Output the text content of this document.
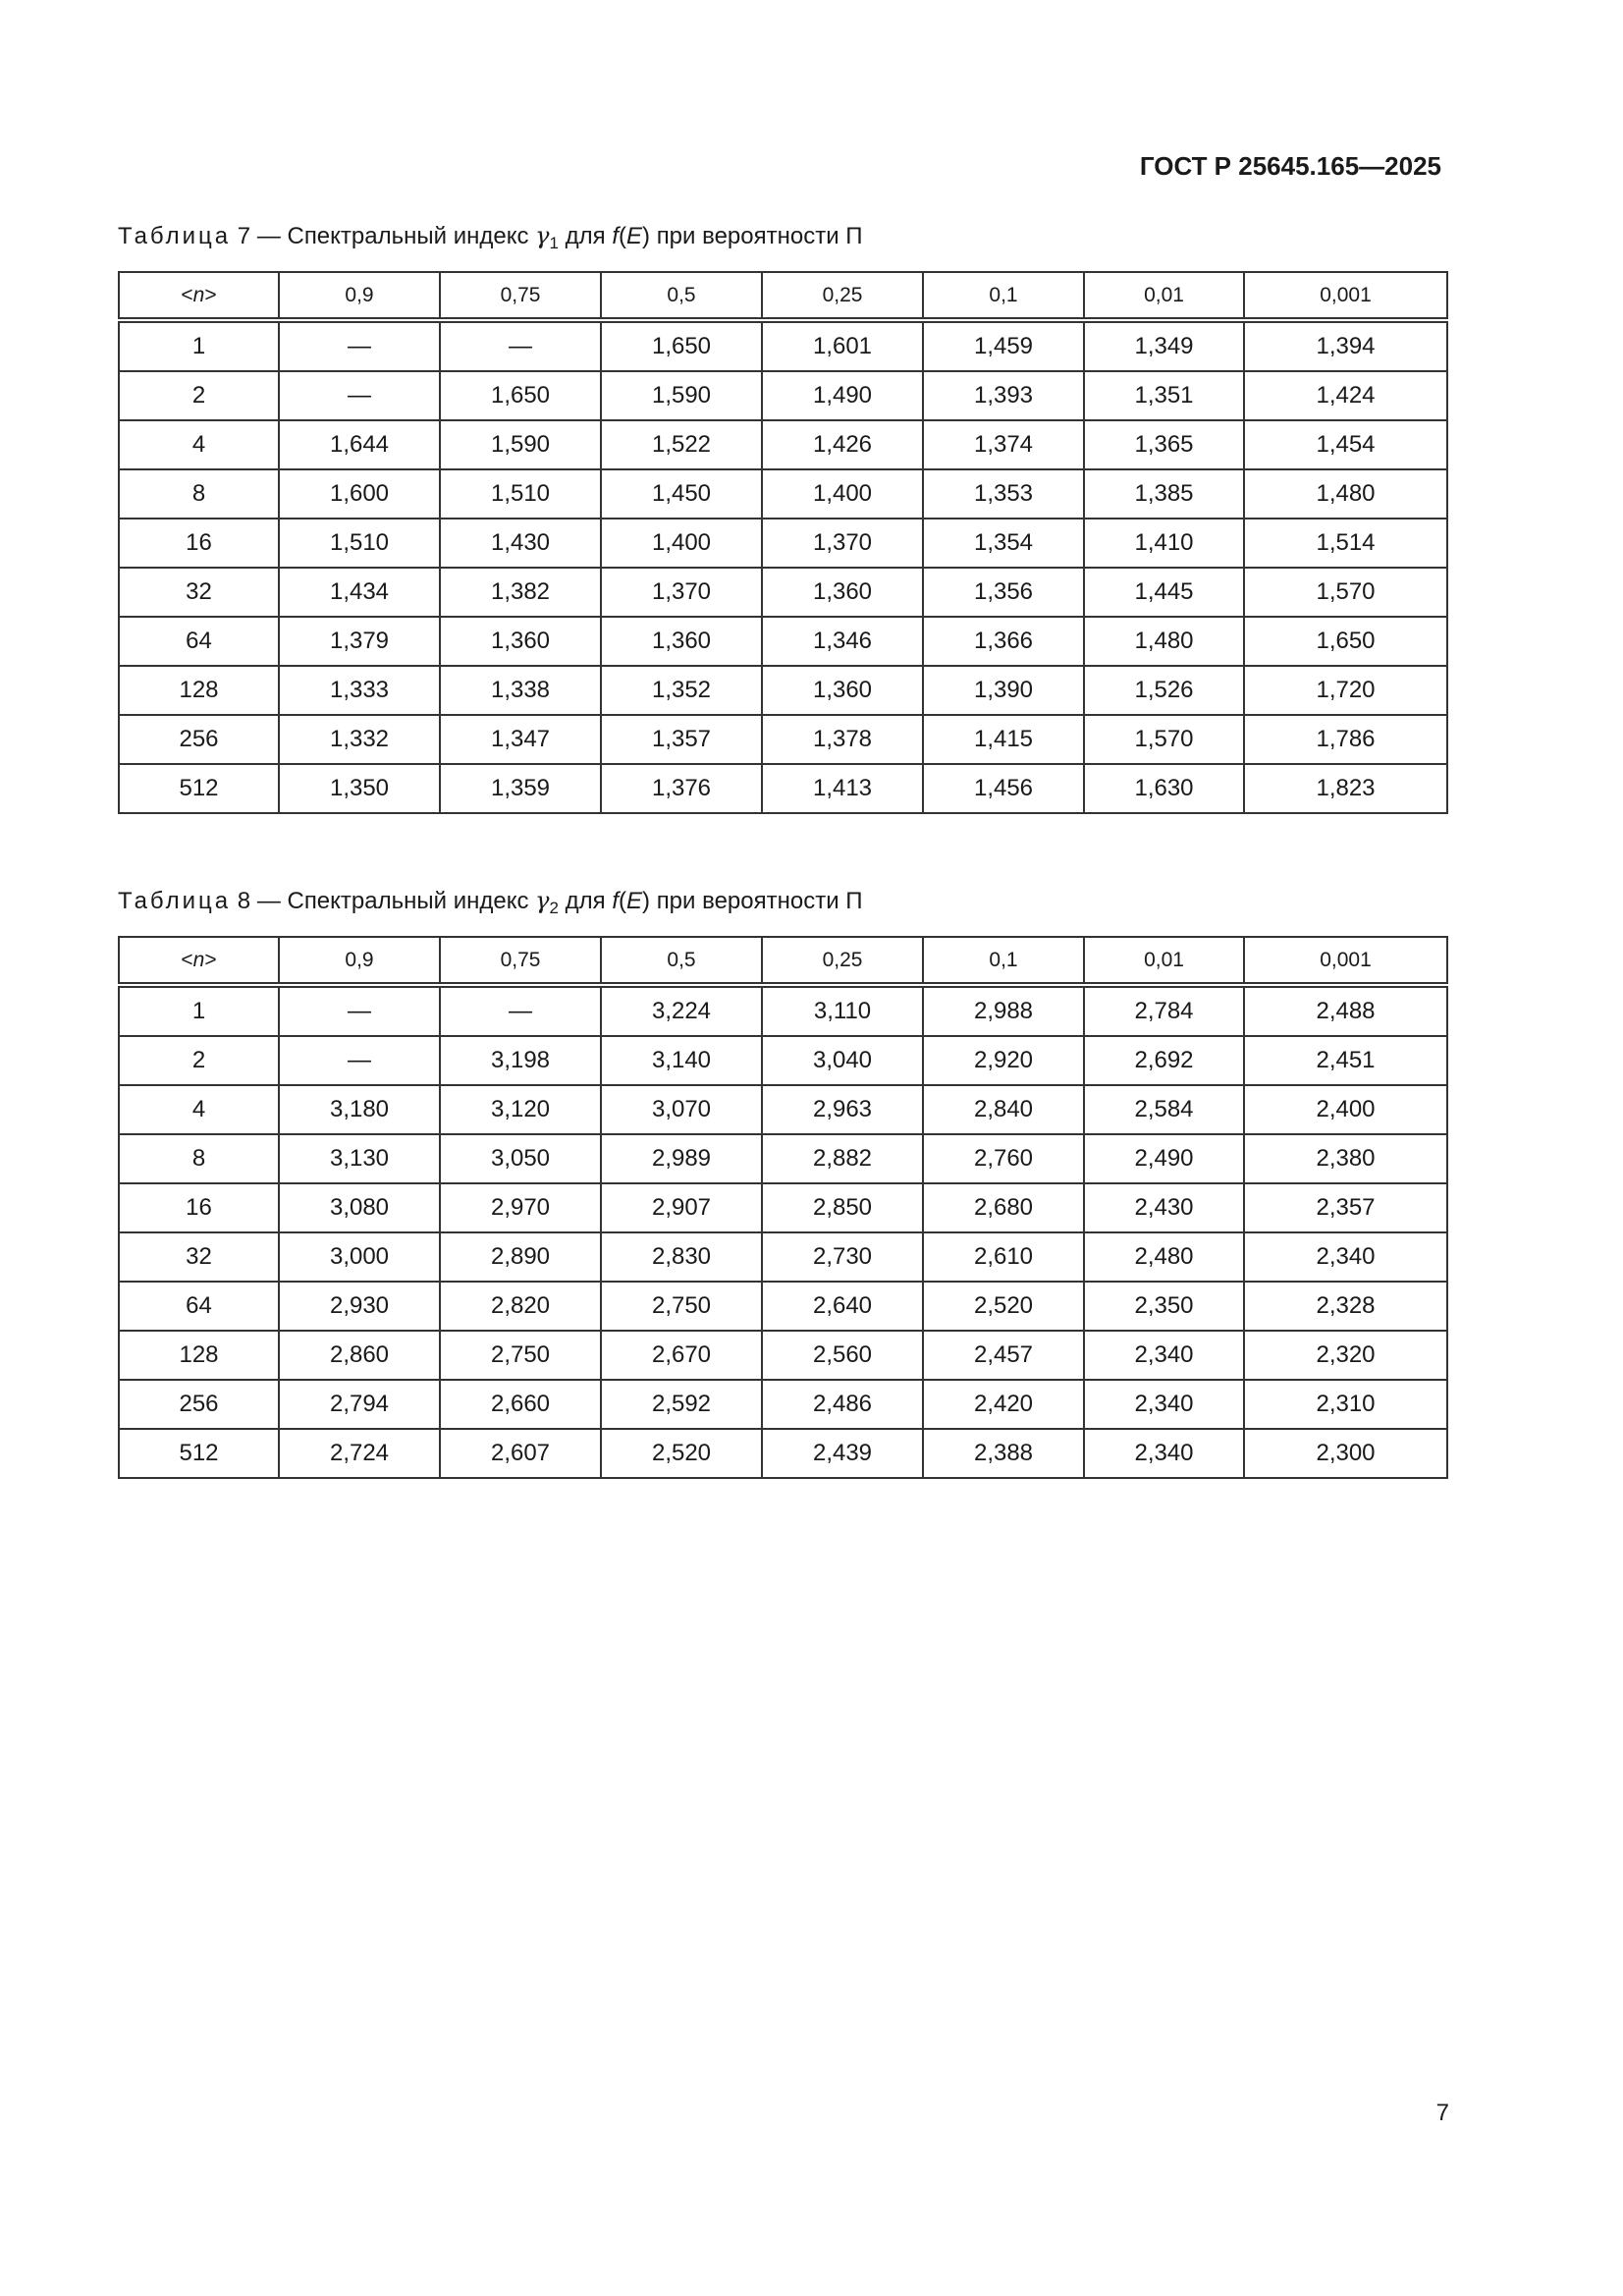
ГОСТ Р 25645.165—2025
Таблица 7 — Спектральный индекс $\gamma_1$ для f(E) при вероятности П
<n>	0,9	0,75	0,5	0,25	0,1	0,01	0,001
1	—	—	1,650	1,601	1,459	1,349	1,394
2	—	1,650	1,590	1,490	1,393	1,351	1,424
4	1,644	1,590	1,522	1,426	1,374	1,365	1,454
8	1,600	1,510	1,450	1,400	1,353	1,385	1,480
16	1,510	1,430	1,400	1,370	1,354	1,410	1,514
32	1,434	1,382	1,370	1,360	1,356	1,445	1,570
64	1,379	1,360	1,360	1,346	1,366	1,480	1,650
128	1,333	1,338	1,352	1,360	1,390	1,526	1,720
256	1,332	1,347	1,357	1,378	1,415	1,570	1,786
512	1,350	1,359	1,376	1,413	1,456	1,630	1,823
Таблица 8 — Спектральный индекс $\gamma_2$ для f(E) при вероятности П
<n>	0,9	0,75	0,5	0,25	0,1	0,01	0,001
1	—	—	3,224	3,110	2,988	2,784	2,488
2	—	3,198	3,140	3,040	2,920	2,692	2,451
4	3,180	3,120	3,070	2,963	2,840	2,584	2,400
8	3,130	3,050	2,989	2,882	2,760	2,490	2,380
16	3,080	2,970	2,907	2,850	2,680	2,430	2,357
32	3,000	2,890	2,830	2,730	2,610	2,480	2,340
64	2,930	2,820	2,750	2,640	2,520	2,350	2,328
128	2,860	2,750	2,670	2,560	2,457	2,340	2,320
256	2,794	2,660	2,592	2,486	2,420	2,340	2,310
512	2,724	2,607	2,520	2,439	2,388	2,340	2,300
7
